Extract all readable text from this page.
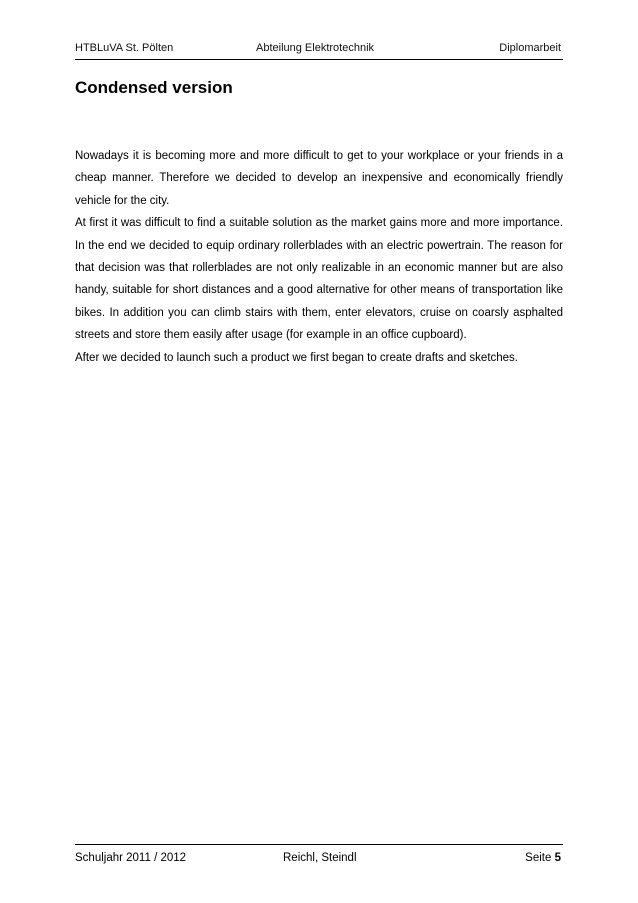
HTBLuVA St. Pölten	Abteilung Elektrotechnik	Diplomarbeit
Condensed version

Nowadays it is becoming more and more difficult to get to your workplace or your friends in a cheap manner. Therefore we decided to develop an inexpensive and economically friendly vehicle for the city.

At first it was difficult to find a suitable solution as the market gains more and more importance. In the end we decided to equip ordinary rollerblades with an electric powertrain. The reason for that decision was that rollerblades are not only realizable in an economic manner but are also handy, suitable for short distances and a good alternative for other means of transportation like bikes. In addition you can climb stairs with them, enter elevators, cruise on coarsly asphalted streets and store them easily after usage (for example in an office cupboard).

After we decided to launch such a product we first began to create drafts and sketches.

Schuljahr 2011 / 2012	Reichl, Steindl	Seite 5
